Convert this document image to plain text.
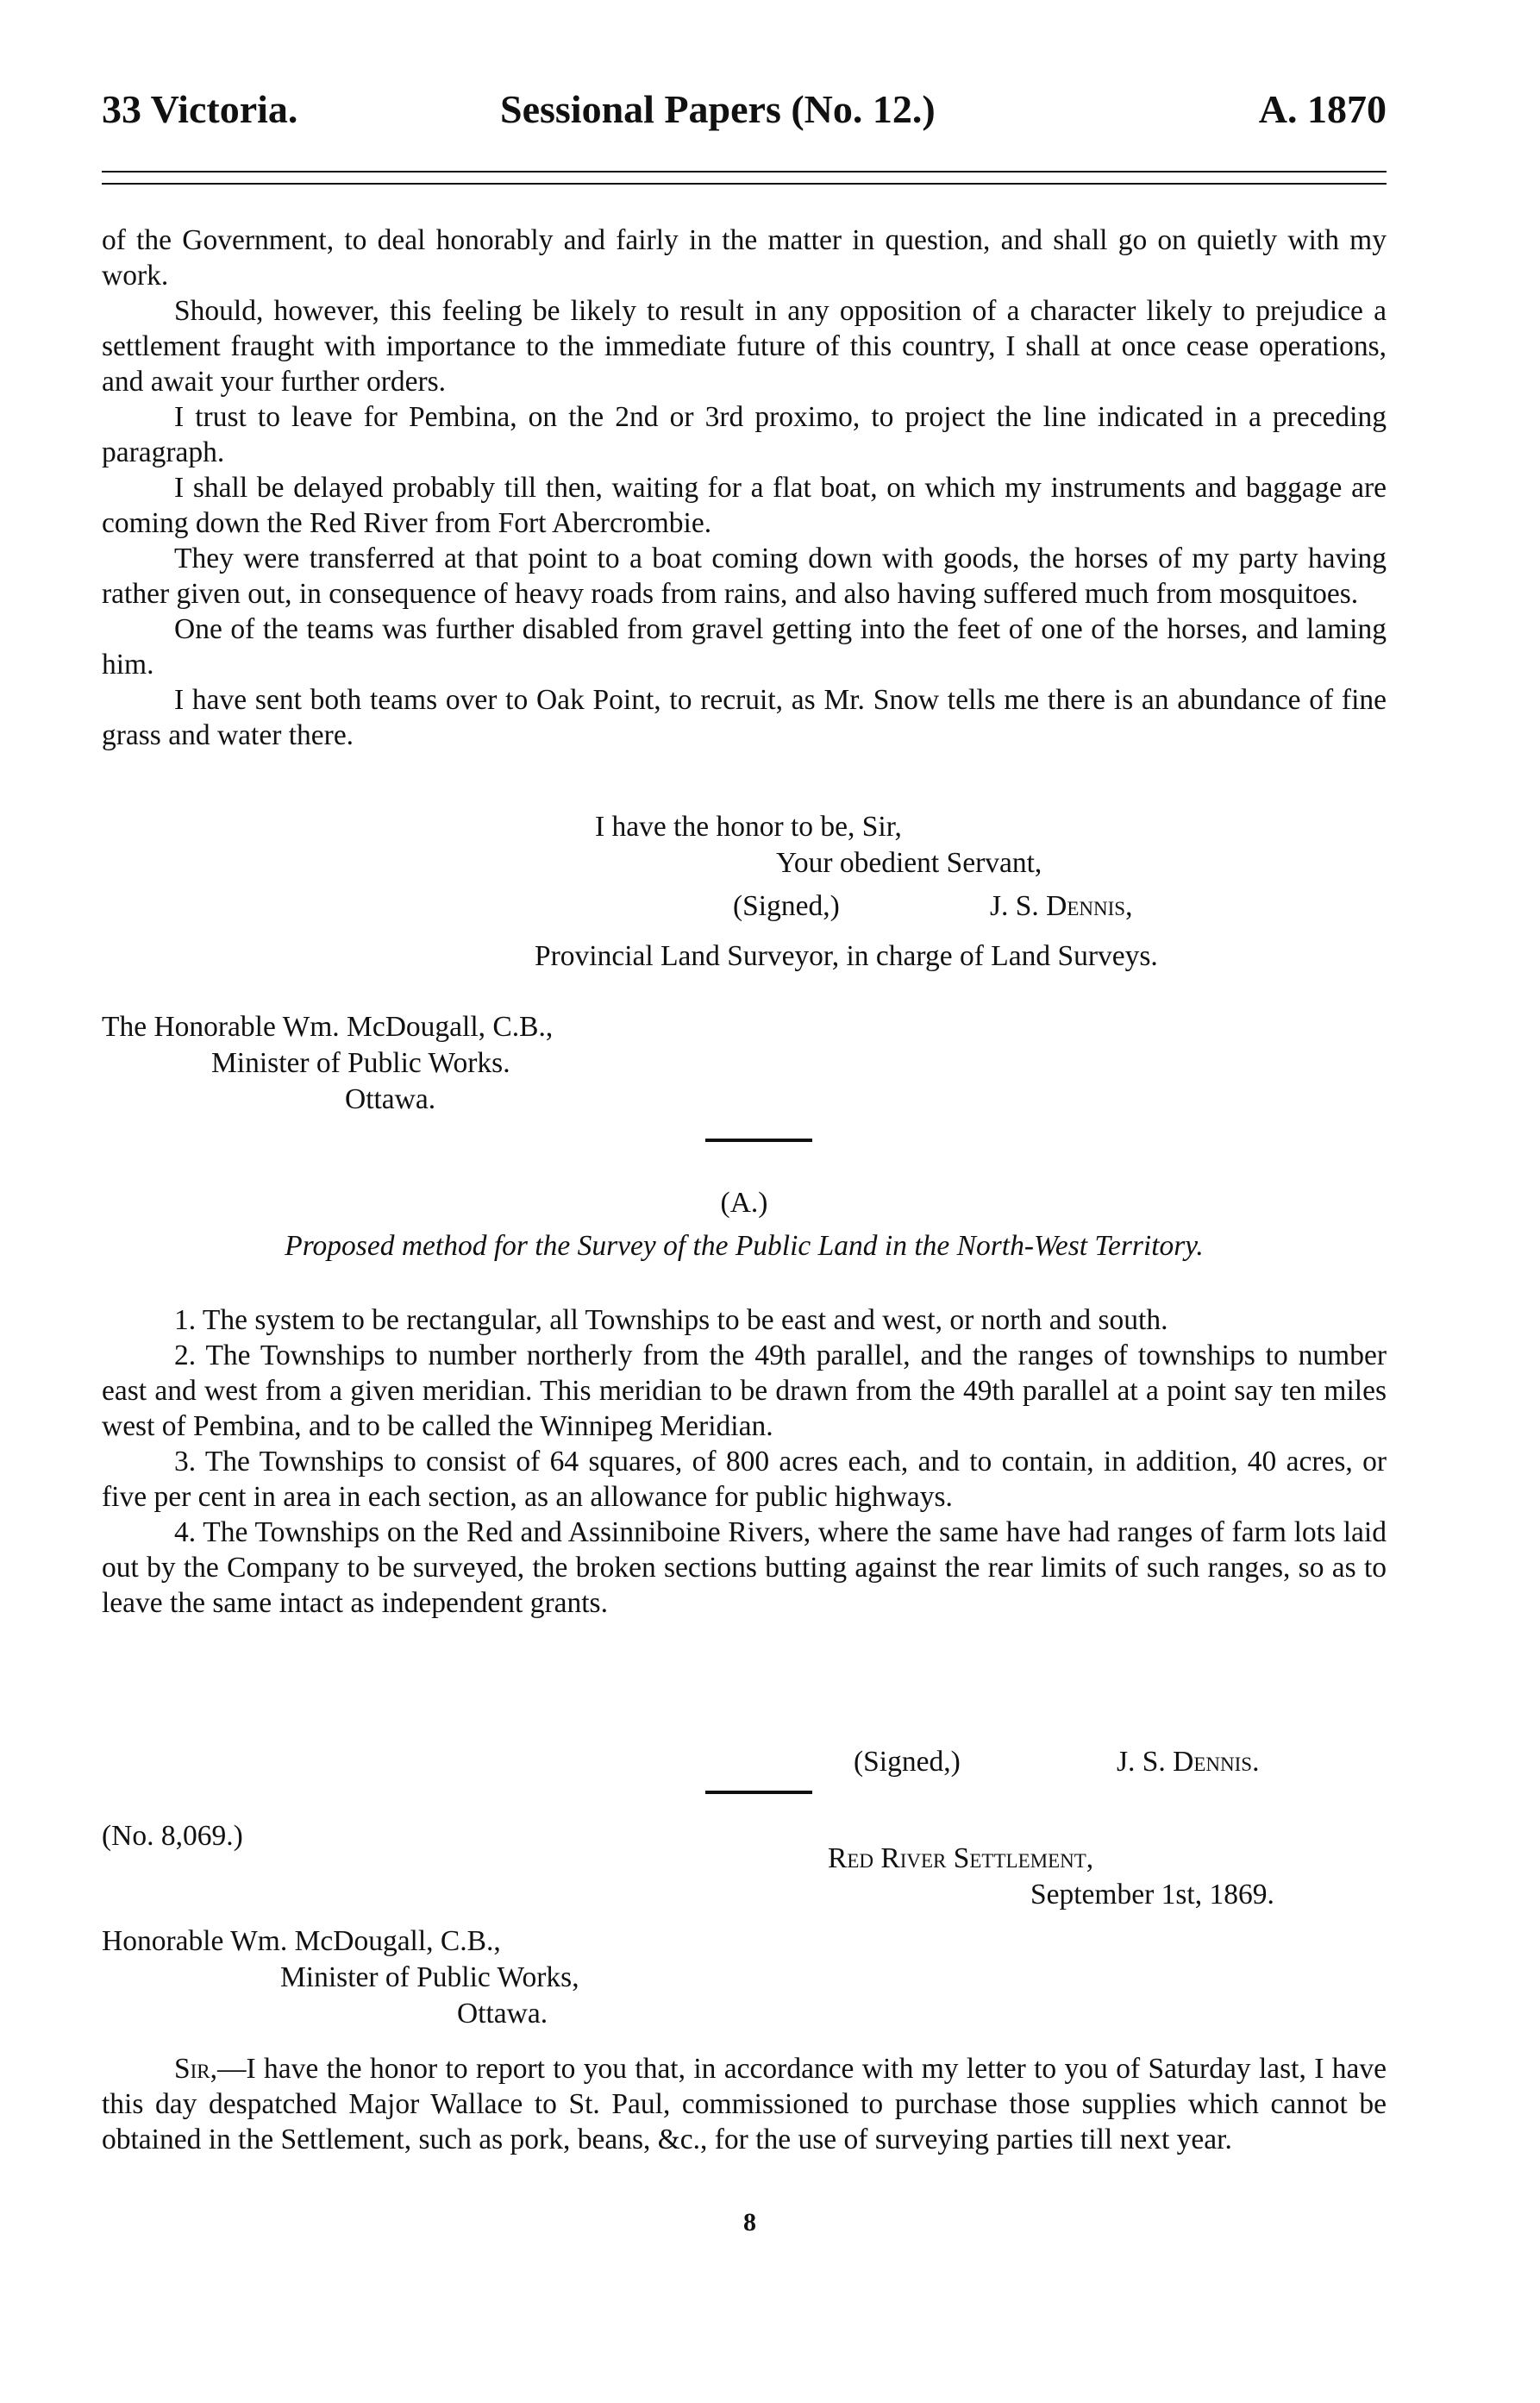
33 Victoria.	Sessional Papers (No. 12.)	A. 1870

of the Government, to deal honorably and fairly in the matter in question, and shall go on quietly with my work.

Should, however, this feeling be likely to result in any opposition of a character likely to prejudice a settlement fraught with importance to the immediate future of this country, I shall at once cease operations, and await your further orders.

I trust to leave for Pembina, on the 2nd or 3rd proximo, to project the line indicated in a preceding paragraph.

I shall be delayed probably till then, waiting for a flat boat, on which my instruments and baggage are coming down the Red River from Fort Abercrombie.

They were transferred at that point to a boat coming down with goods, the horses of my party having rather given out, in consequence of heavy roads from rains, and also having suffered much from mosquitoes.

One of the teams was further disabled from gravel getting into the feet of one of the horses, and laming him.

I have sent both teams over to Oak Point, to recruit, as Mr. Snow tells me there is an abundance of fine grass and water there.

I have the honor to be, Sir,
Your obedient Servant,
(Signed,)	J. S. Dennis,
Provincial Land Surveyor, in charge of Land Surveys.
The Honorable Wm. McDougall, C.B.,
Minister of Public Works.
Ottawa.
(A.)
Proposed method for the Survey of the Public Land in the North-West Territory.

1. The system to be rectangular, all Townships to be east and west, or north and south.

2. The Townships to number northerly from the 49th parallel, and the ranges of townships to number east and west from a given meridian. This meridian to be drawn from the 49th parallel at a point say ten miles west of Pembina, and to be called the Winnipeg Meridian.

3. The Townships to consist of 64 squares, of 800 acres each, and to contain, in addition, 40 acres, or five per cent in area in each section, as an allowance for public highways.

4. The Townships on the Red and Assinniboine Rivers, where the same have had ranges of farm lots laid out by the Company to be surveyed, the broken sections butting against the rear limits of such ranges, so as to leave the same intact as independent grants.

(Signed,)	J. S. Dennis.
(No. 8,069.)
Red River Settlement,
September 1st, 1869.
Honorable Wm. McDougall, C.B.,
Minister of Public Works,
Ottawa.

Sir,—I have the honor to report to you that, in accordance with my letter to you of Saturday last, I have this day despatched Major Wallace to St. Paul, commissioned to purchase those supplies which cannot be obtained in the Settlement, such as pork, beans, &c., for the use of surveying parties till next year.

8
